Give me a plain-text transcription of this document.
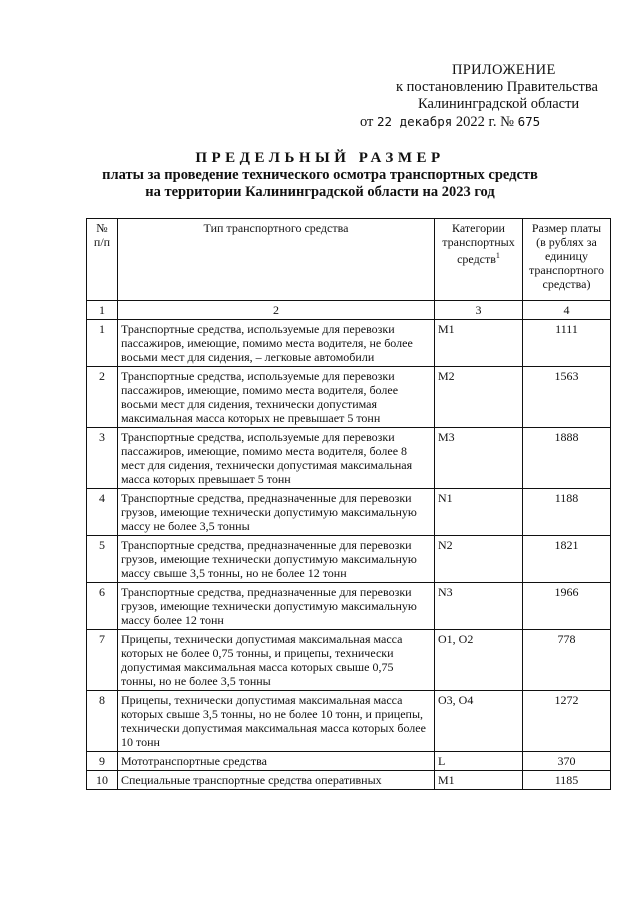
ПРИЛОЖЕНИЕ
к постановлению Правительства
Калининградской области
от 22 декабря 2022 г. № 675
ПРЕДЕЛЬНЫЙ РАЗМЕР
платы за проведение технического осмотра транспортных средств
на территории Калининградской области на 2023 год
№ п/п	Тип транспортного средства	Категории транспортных средств$^1$	Размер платы (в рублях за единицу транспортного средства)
1	2	3	4
1	Транспортные средства, используемые для перевозки пассажиров, имеющие, помимо места водителя, не более восьми мест для сидения, – легковые автомобили	M1	1111
2	Транспортные средства, используемые для перевозки пассажиров, имеющие, помимо места водителя, более восьми мест для сидения, технически допустимая максимальная масса которых не превышает 5 тонн	M2	1563
3	Транспортные средства, используемые для перевозки пассажиров, имеющие, помимо места водителя, более 8 мест для сидения, технически допустимая максимальная масса которых превышает 5 тонн	M3	1888
4	Транспортные средства, предназначенные для перевозки грузов, имеющие технически допустимую максимальную массу не более 3,5 тонны	N1	1188
5	Транспортные средства, предназначенные для перевозки грузов, имеющие технически допустимую максимальную массу свыше 3,5 тонны, но не более 12 тонн	N2	1821
6	Транспортные средства, предназначенные для перевозки грузов, имеющие технически допустимую максимальную массу более 12 тонн	N3	1966
7	Прицепы, технически допустимая максимальная масса которых не более 0,75 тонны, и прицепы, технически допустимая максимальная масса которых свыше 0,75 тонны, но не более 3,5 тонны	O1, O2	778
8	Прицепы, технически допустимая максимальная масса которых свыше 3,5 тонны, но не более 10 тонн, и прицепы, технически допустимая максимальная масса которых более 10 тонн	O3, O4	1272
9	Мототранспортные средства	L	370
10	Специальные транспортные средства оперативных	M1	1185
